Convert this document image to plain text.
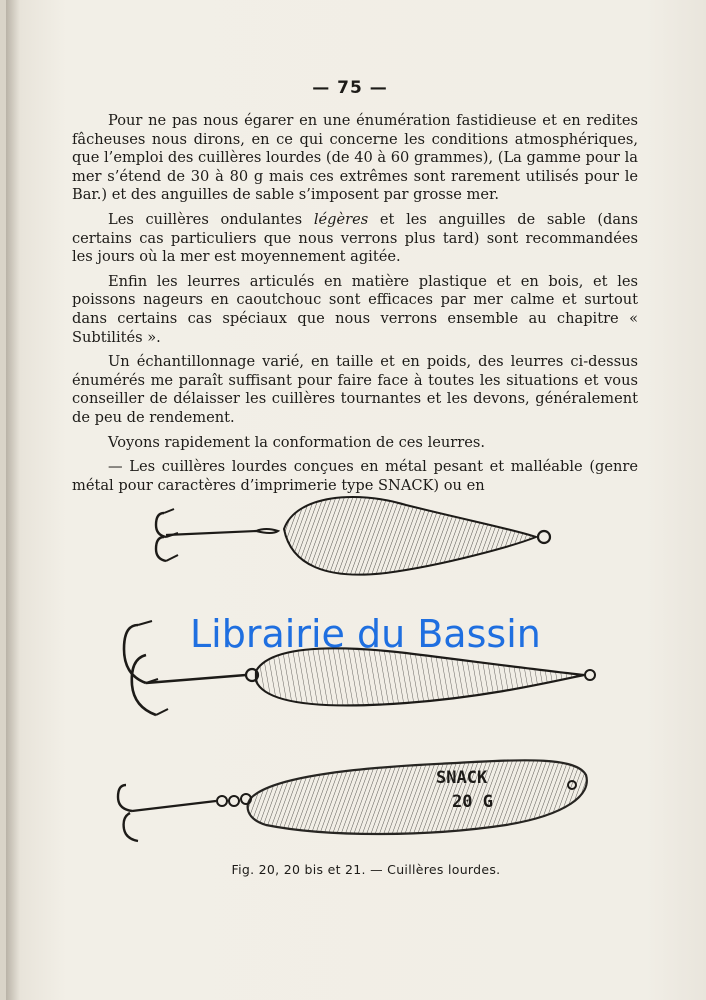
— 75 —

Pour ne pas nous égarer en une énumération fastidieuse et en redites fâcheuses nous dirons, en ce qui concerne les conditions atmosphériques, que l’emploi des cuillères lourdes (de 40 à 60 grammes), (La gamme pour la mer s’étend de 30 à 80 g mais ces extrêmes sont rarement utilisés pour le Bar.) et des anguilles de sable s’imposent par grosse mer.

Les cuillères ondulantes légères et les anguilles de sable (dans certains cas particuliers que nous verrons plus tard) sont recommandées les jours où la mer est moyennement agitée.

Enfin les leurres articulés en matière plastique et en bois, et les poissons nageurs en caoutchouc sont efficaces par mer calme et surtout dans certains cas spéciaux que nous verrons ensemble au chapitre « Subtilités ».

Un échantillonnage varié, en taille et en poids, des leurres ci-dessus énumérés me paraît suffisant pour faire face à toutes les situations et vous conseiller de délaisser les cuillères tournantes et les devons, généralement de peu de rendement.

Voyons rapidement la conformation de ces leurres.

— Les cuillères lourdes conçues en métal pesant et malléable (genre métal pour caractères d’imprimerie type SNACK) ou en

SNACK
20 G
Fig. 20, 20 bis et 21. — Cuillères lourdes.
Librairie du Bassin
